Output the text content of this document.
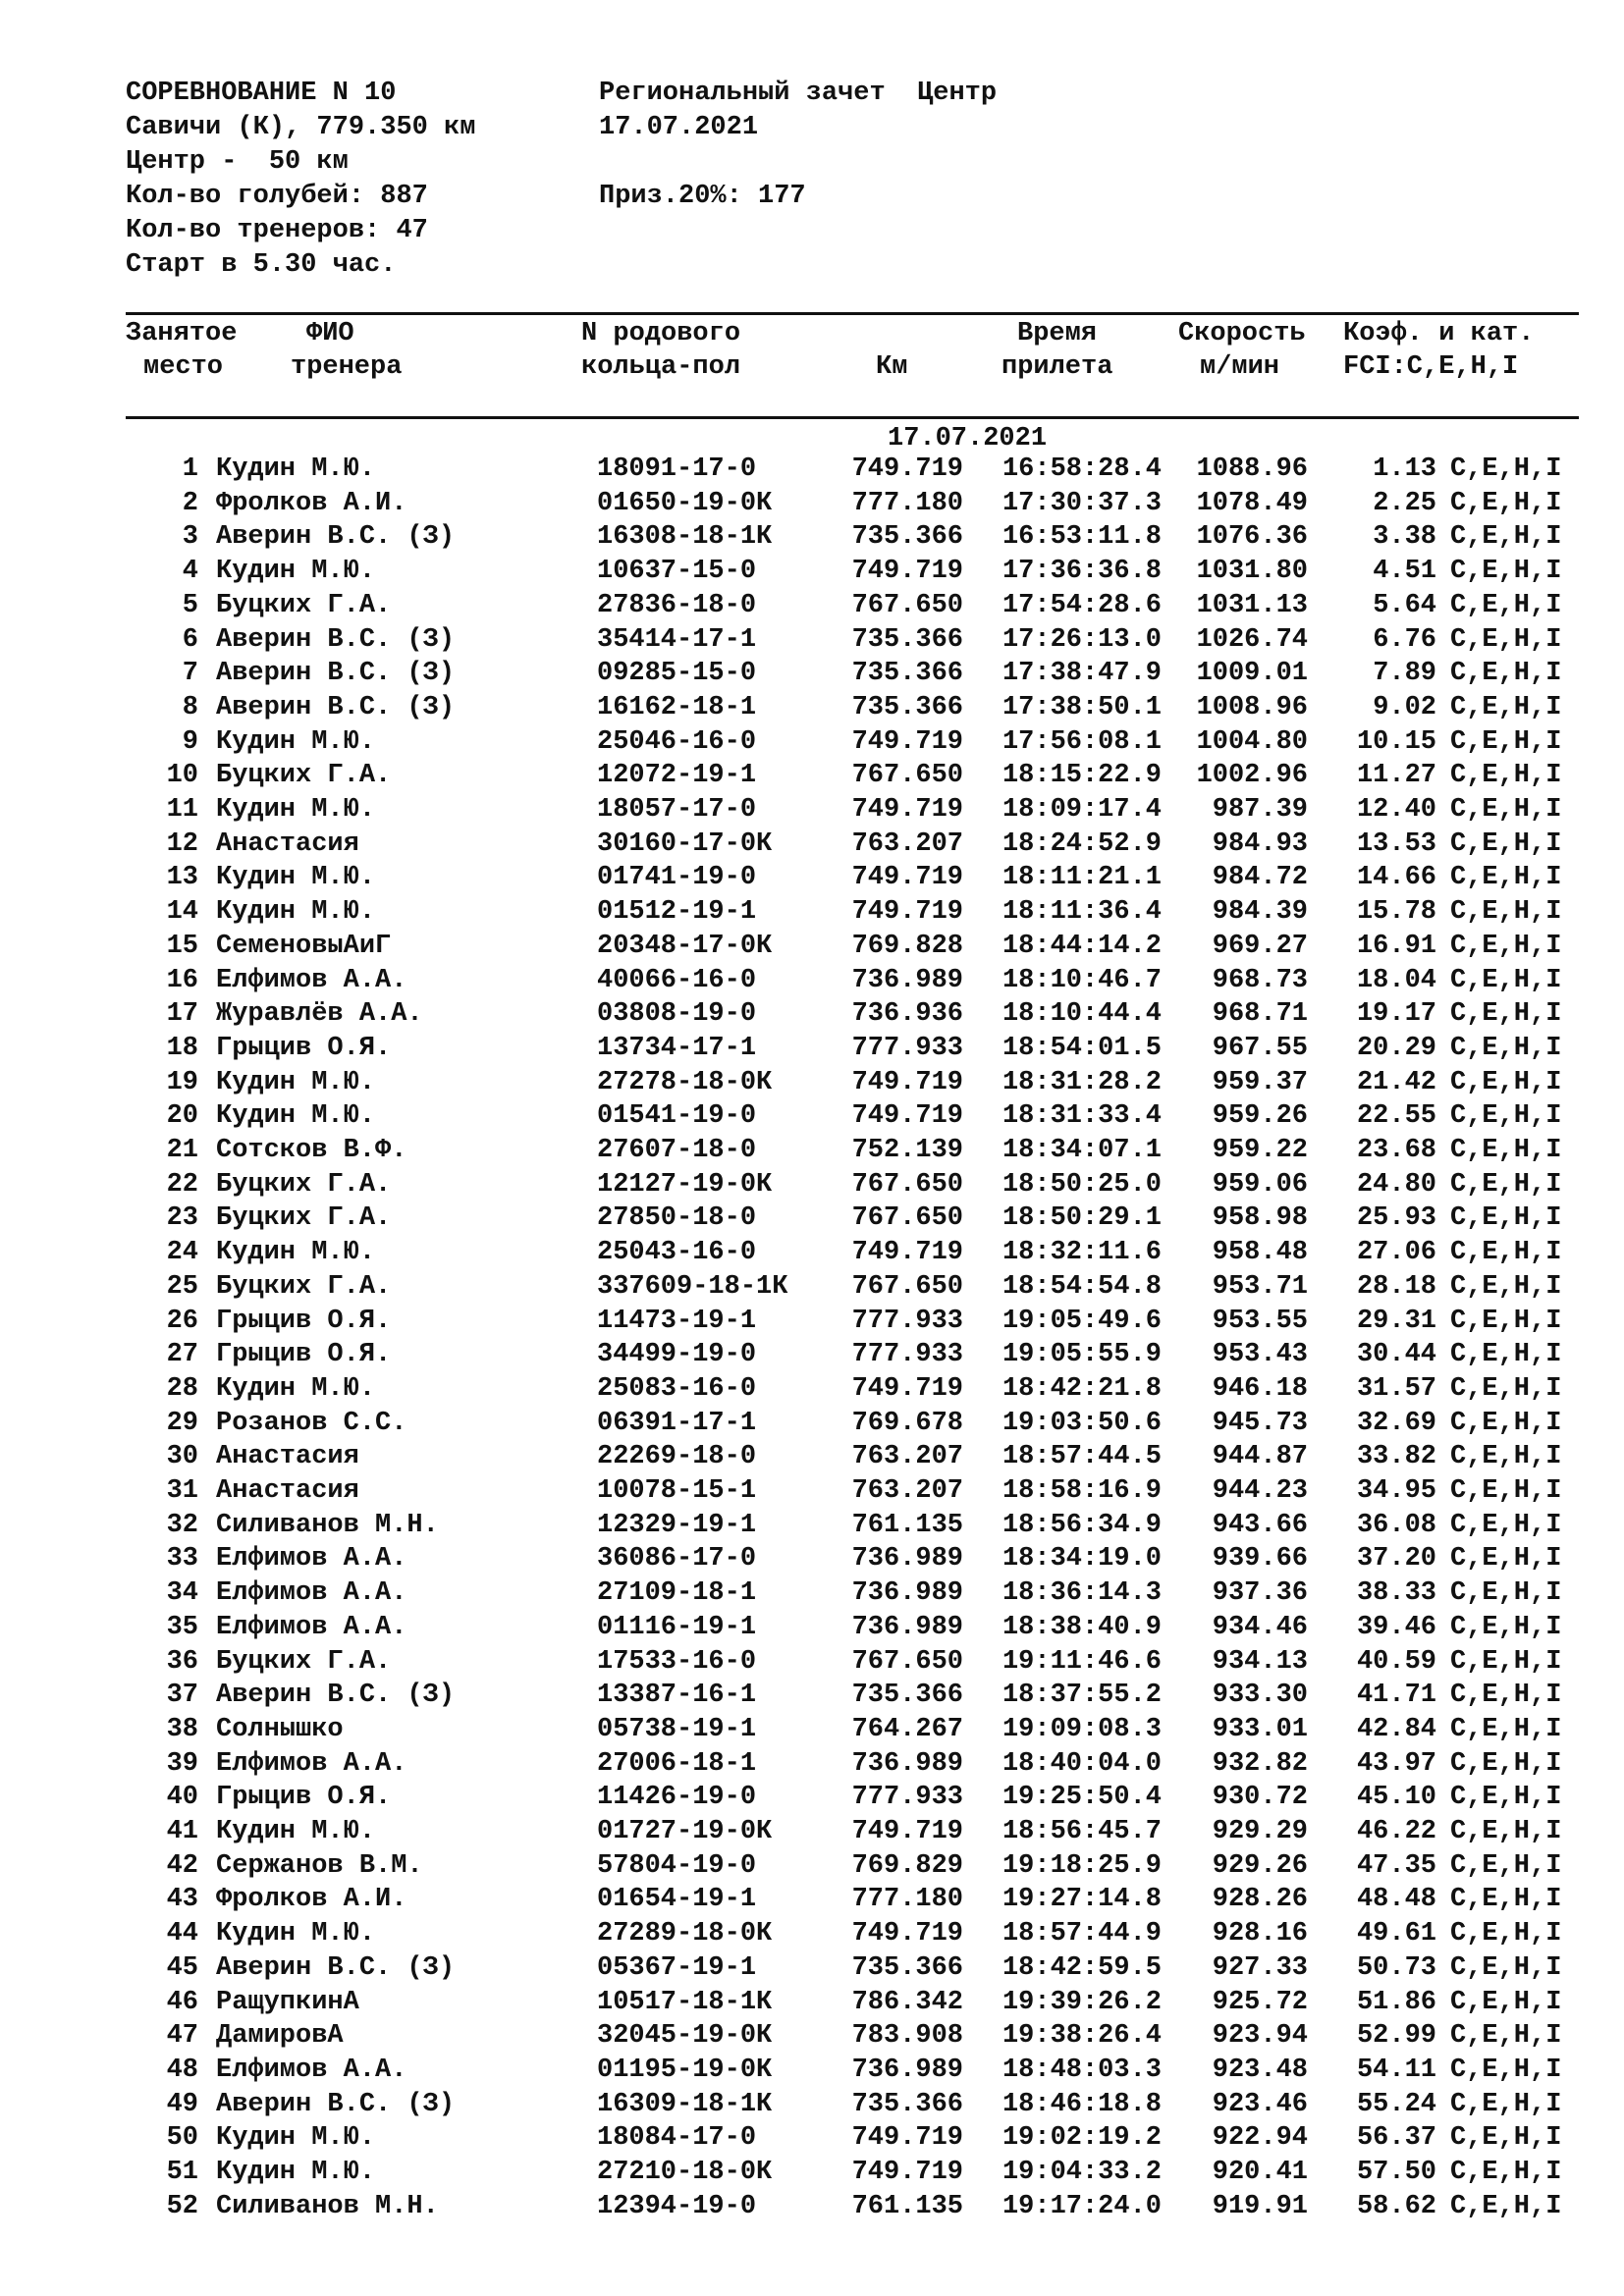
СОРЕВНОВАНИЕ N 10	Региональный зачет  Центр
Савичи (К), 779.350 км	17.07.2021
Центр -  50 км
Кол-во голубей: 887	Приз.20%: 177
Кол-во тренеров: 47
Старт в 5.30 час.
Занятое
место
ФИО
тренера
N родового
кольца-пол	Км
Время
прилета
Скорость
м/мин
Коэф. и кат.
FCI:C,E,H,I
17.07.2021
1 Кудин М.Ю.	18091-17-0	749.719	16:58:28.4	1088.96	1.13 C,E,H,I
2 Фролков А.И.	01650-19-0К	777.180	17:30:37.3	1078.49	2.25 C,E,H,I
3 Аверин В.С. (З)	16308-18-1К	735.366	16:53:11.8	1076.36	3.38 C,E,H,I
4 Кудин М.Ю.	10637-15-0	749.719	17:36:36.8	1031.80	4.51 C,E,H,I
5 Буцких Г.А.	27836-18-0	767.650	17:54:28.6	1031.13	5.64 C,E,H,I
6 Аверин В.С. (З)	35414-17-1	735.366	17:26:13.0	1026.74	6.76 C,E,H,I
7 Аверин В.С. (З)	09285-15-0	735.366	17:38:47.9	1009.01	7.89 C,E,H,I
8 Аверин В.С. (З)	16162-18-1	735.366	17:38:50.1	1008.96	9.02 C,E,H,I
9 Кудин М.Ю.	25046-16-0	749.719	17:56:08.1	1004.80	10.15 C,E,H,I
10 Буцких Г.А.	12072-19-1	767.650	18:15:22.9	1002.96	11.27 C,E,H,I
11 Кудин М.Ю.	18057-17-0	749.719	18:09:17.4	987.39	12.40 C,E,H,I
12 Анастасия	30160-17-0К	763.207	18:24:52.9	984.93	13.53 C,E,H,I
13 Кудин М.Ю.	01741-19-0	749.719	18:11:21.1	984.72	14.66 C,E,H,I
14 Кудин М.Ю.	01512-19-1	749.719	18:11:36.4	984.39	15.78 C,E,H,I
15 СеменовыАиГ	20348-17-0К	769.828	18:44:14.2	969.27	16.91 C,E,H,I
16 Елфимов А.А.	40066-16-0	736.989	18:10:46.7	968.73	18.04 C,E,H,I
17 Журавлёв А.А.	03808-19-0	736.936	18:10:44.4	968.71	19.17 C,E,H,I
18 Грыцив О.Я.	13734-17-1	777.933	18:54:01.5	967.55	20.29 C,E,H,I
19 Кудин М.Ю.	27278-18-0К	749.719	18:31:28.2	959.37	21.42 C,E,H,I
20 Кудин М.Ю.	01541-19-0	749.719	18:31:33.4	959.26	22.55 C,E,H,I
21 Сотсков В.Ф.	27607-18-0	752.139	18:34:07.1	959.22	23.68 C,E,H,I
22 Буцких Г.А.	12127-19-0К	767.650	18:50:25.0	959.06	24.80 C,E,H,I
23 Буцких Г.А.	27850-18-0	767.650	18:50:29.1	958.98	25.93 C,E,H,I
24 Кудин М.Ю.	25043-16-0	749.719	18:32:11.6	958.48	27.06 C,E,H,I
25 Буцких Г.А.	337609-18-1К	767.650	18:54:54.8	953.71	28.18 C,E,H,I
26 Грыцив О.Я.	11473-19-1	777.933	19:05:49.6	953.55	29.31 C,E,H,I
27 Грыцив О.Я.	34499-19-0	777.933	19:05:55.9	953.43	30.44 C,E,H,I
28 Кудин М.Ю.	25083-16-0	749.719	18:42:21.8	946.18	31.57 C,E,H,I
29 Розанов С.С.	06391-17-1	769.678	19:03:50.6	945.73	32.69 C,E,H,I
30 Анастасия	22269-18-0	763.207	18:57:44.5	944.87	33.82 C,E,H,I
31 Анастасия	10078-15-1	763.207	18:58:16.9	944.23	34.95 C,E,H,I
32 Силиванов М.Н.	12329-19-1	761.135	18:56:34.9	943.66	36.08 C,E,H,I
33 Елфимов А.А.	36086-17-0	736.989	18:34:19.0	939.66	37.20 C,E,H,I
34 Елфимов А.А.	27109-18-1	736.989	18:36:14.3	937.36	38.33 C,E,H,I
35 Елфимов А.А.	01116-19-1	736.989	18:38:40.9	934.46	39.46 C,E,H,I
36 Буцких Г.А.	17533-16-0	767.650	19:11:46.6	934.13	40.59 C,E,H,I
37 Аверин В.С. (З)	13387-16-1	735.366	18:37:55.2	933.30	41.71 C,E,H,I
38 Солнышко	05738-19-1	764.267	19:09:08.3	933.01	42.84 C,E,H,I
39 Елфимов А.А.	27006-18-1	736.989	18:40:04.0	932.82	43.97 C,E,H,I
40 Грыцив О.Я.	11426-19-0	777.933	19:25:50.4	930.72	45.10 C,E,H,I
41 Кудин М.Ю.	01727-19-0К	749.719	18:56:45.7	929.29	46.22 C,E,H,I
42 Сержанов В.М.	57804-19-0	769.829	19:18:25.9	929.26	47.35 C,E,H,I
43 Фролков А.И.	01654-19-1	777.180	19:27:14.8	928.26	48.48 C,E,H,I
44 Кудин М.Ю.	27289-18-0К	749.719	18:57:44.9	928.16	49.61 C,E,H,I
45 Аверин В.С. (З)	05367-19-1	735.366	18:42:59.5	927.33	50.73 C,E,H,I
46 РащупкинА	10517-18-1К	786.342	19:39:26.2	925.72	51.86 C,E,H,I
47 ДамировА	32045-19-0К	783.908	19:38:26.4	923.94	52.99 C,E,H,I
48 Елфимов А.А.	01195-19-0К	736.989	18:48:03.3	923.48	54.11 C,E,H,I
49 Аверин В.С. (З)	16309-18-1К	735.366	18:46:18.8	923.46	55.24 C,E,H,I
50 Кудин М.Ю.	18084-17-0	749.719	19:02:19.2	922.94	56.37 C,E,H,I
51 Кудин М.Ю.	27210-18-0К	749.719	19:04:33.2	920.41	57.50 C,E,H,I
52 Силиванов М.Н.	12394-19-0	761.135	19:17:24.0	919.91	58.62 C,E,H,I
